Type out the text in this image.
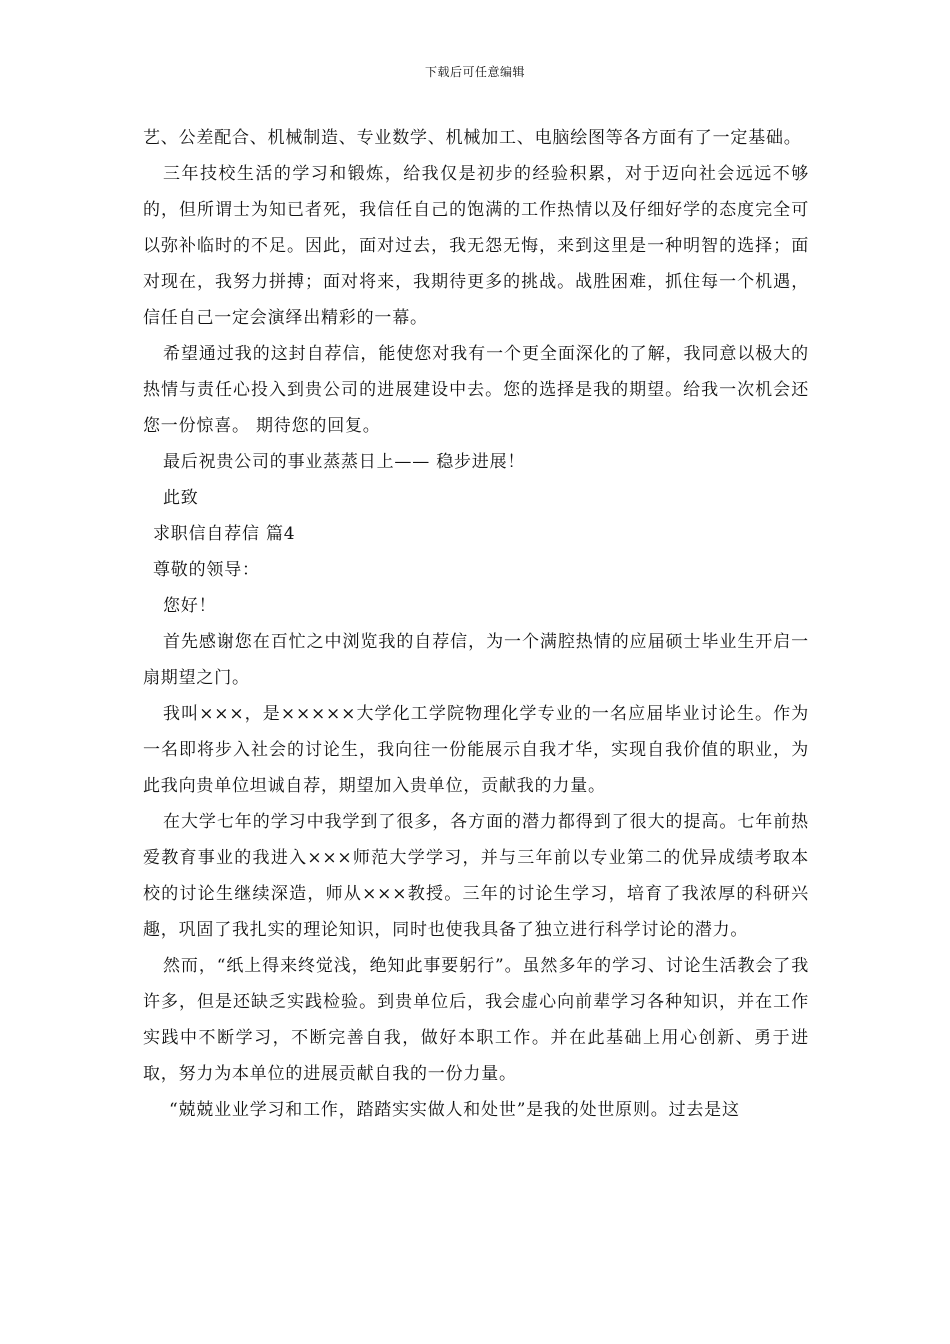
下载后可任意编辑

艺、公差配合、机械制造、专业数学、机械加工、电脑绘图等各方面有了一定基础。

三年技校生活的学习和锻炼，给我仅是初步的经验积累，对于迈向社会远远不够的，但所谓士为知已者死，我信任自己的饱满的工作热情以及仔细好学的态度完全可以弥补临时的不足。因此，面对过去，我无怨无悔，来到这里是一种明智的选择；面对现在，我努力拼搏；面对将来，我期待更多的挑战。战胜困难，抓住每一个机遇，信任自己一定会演绎出精彩的一幕。

希望通过我的这封自荐信，能使您对我有一个更全面深化的了解，我同意以极大的热情与责任心投入到贵公司的进展建设中去。您的选择是我的期望。给我一次机会还您一份惊喜。 期待您的回复。

最后祝贵公司的事业蒸蒸日上—— 稳步进展！

此致

求职信自荐信 篇4

尊敬的领导：

您好！

首先感谢您在百忙之中浏览我的自荐信，为一个满腔热情的应届硕士毕业生开启一扇期望之门。

我叫×××，是×××××大学化工学院物理化学专业的一名应届毕业讨论生。作为一名即将步入社会的讨论生，我向往一份能展示自我才华，实现自我价值的职业，为此我向贵单位坦诚自荐，期望加入贵单位，贡献我的力量。

在大学七年的学习中我学到了很多，各方面的潜力都得到了很大的提高。七年前热爱教育事业的我进入×××师范大学学习，并与三年前以专业第二的优异成绩考取本校的讨论生继续深造，师从×××教授。三年的讨论生学习，培育了我浓厚的科研兴趣，巩固了我扎实的理论知识，同时也使我具备了独立进行科学讨论的潜力。

然而，“纸上得来终觉浅，绝知此事要躬行”。虽然多年的学习、讨论生活教会了我许多，但是还缺乏实践检验。到贵单位后，我会虚心向前辈学习各种知识，并在工作实践中不断学习，不断完善自我，做好本职工作。并在此基础上用心创新、勇于进取，努力为本单位的进展贡献自我的一份力量。

“兢兢业业学习和工作，踏踏实实做人和处世”是我的处世原则。过去是这
